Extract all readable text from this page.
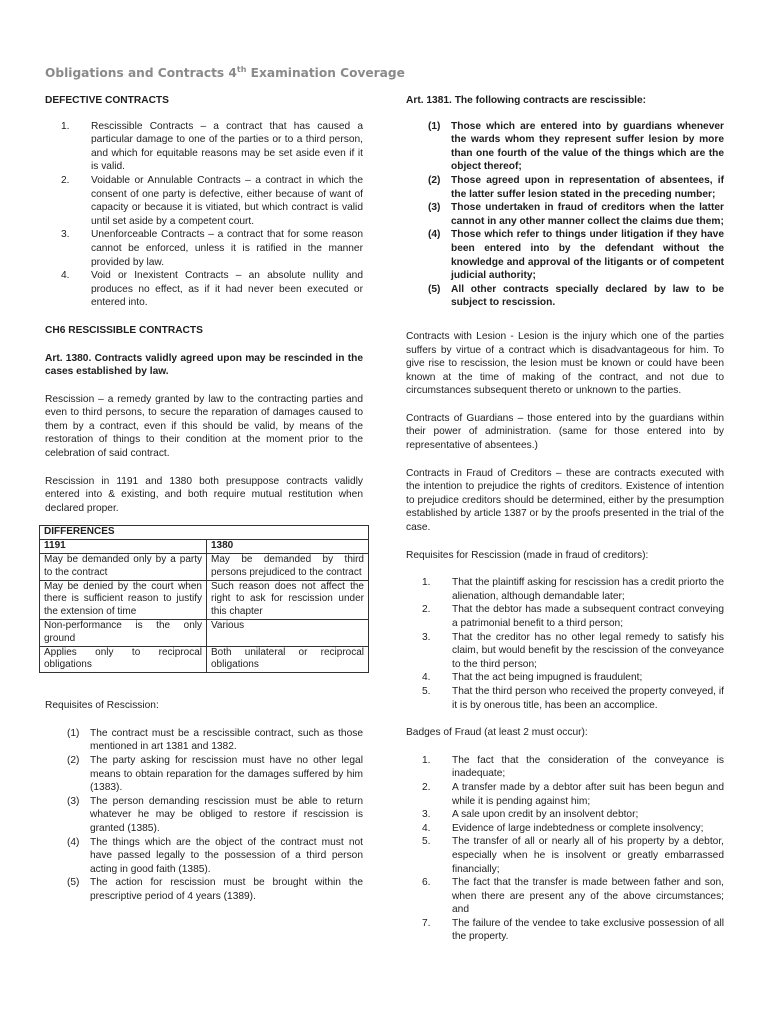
Obligations and Contracts 4th Examination Coverage
DEFECTIVE CONTRACTS
1. Rescissible Contracts – a contract that has caused a particular damage to one of the parties or to a third person, and which for equitable reasons may be set aside even if it is valid.
2. Voidable or Annulable Contracts – a contract in which the consent of one party is defective, either because of want of capacity or because it is vitiated, but which contract is valid until set aside by a competent court.
3. Unenforceable Contracts – a contract that for some reason cannot be enforced, unless it is ratified in the manner provided by law.
4. Void or Inexistent Contracts – an absolute nullity and produces no effect, as if it had never been executed or entered into.
CH6 RESCISSIBLE CONTRACTS

Art. 1380. Contracts validly agreed upon may be rescinded in the cases established by law.

Rescission – a remedy granted by law to the contracting parties and even to third persons, to secure the reparation of damages caused to them by a contract, even if this should be valid, by means of the restoration of things to their condition at the moment prior to the celebration of said contract.

Rescission in 1191 and 1380 both presuppose contracts validly entered into & existing, and both require mutual restitution when declared proper.

DIFFERENCES	
1191	1380
May be demanded only by a party to the contract	May be demanded by third persons prejudiced to the contract
May be denied by the court when there is sufficient reason to justify the extension of time	Such reason does not affect the right to ask for rescission under this chapter
Non-performance is the only ground	Various
Applies only to reciprocal obligations	Both unilateral or reciprocal obligations
Requisites of Rescission:
(1) The contract must be a rescissible contract, such as those mentioned in art 1381 and 1382.
(2) The party asking for rescission must have no other legal means to obtain reparation for the damages suffered by him (1383).
(3) The person demanding rescission must be able to return whatever he may be obliged to restore if rescission is granted (1385).
(4) The things which are the object of the contract must not have passed legally to the possession of a third person acting in good faith (1385).
(5) The action for rescission must be brought within the prescriptive period of 4 years (1389).
Art. 1381. The following contracts are rescissible:
(1) Those which are entered into by guardians whenever the wards whom they represent suffer lesion by more than one fourth of the value of the things which are the object thereof;
(2) Those agreed upon in representation of absentees, if the latter suffer lesion stated in the preceding number;
(3) Those undertaken in fraud of creditors when the latter cannot in any other manner collect the claims due them;
(4) Those which refer to things under litigation if they have been entered into by the defendant without the knowledge and approval of the litigants or of competent judicial authority;
(5) All other contracts specially declared by law to be subject to rescission.

Contracts with Lesion - Lesion is the injury which one of the parties suffers by virtue of a contract which is disadvantageous for him. To give rise to rescission, the lesion must be known or could have been known at the time of making of the contract, and not due to circumstances subsequent thereto or unknown to the parties.

Contracts of Guardians – those entered into by the guardians within their power of administration. (same for those entered into by representative of absentees.)

Contracts in Fraud of Creditors – these are contracts executed with the intention to prejudice the rights of creditors. Existence of intention to prejudice creditors should be determined, either by the presumption established by article 1387 or by the proofs presented in the trial of the case.

Requisites for Rescission (made in fraud of creditors):
1. That the plaintiff asking for rescission has a credit priorto the alienation, although demandable later;
2. That the debtor has made a subsequent contract conveying a patrimonial benefit to a third person;
3. That the creditor has no other legal remedy to satisfy his claim, but would benefit by the rescission of the conveyance to the third person;
4. That the act being impugned is fraudulent;
5. That the third person who received the property conveyed, if it is by onerous title, has been an accomplice.
Badges of Fraud (at least 2 must occur):
1. The fact that the consideration of the conveyance is inadequate;
2. A transfer made by a debtor after suit has been begun and while it is pending against him;
3. A sale upon credit by an insolvent debtor;
4. Evidence of large indebtedness or complete insolvency;
5. The transfer of all or nearly all of his property by a debtor, especially when he is insolvent or greatly embarrassed financially;
6. The fact that the transfer is made between father and son, when there are present any of the above circumstances; and
7. The failure of the vendee to take exclusive possession of all the property.
